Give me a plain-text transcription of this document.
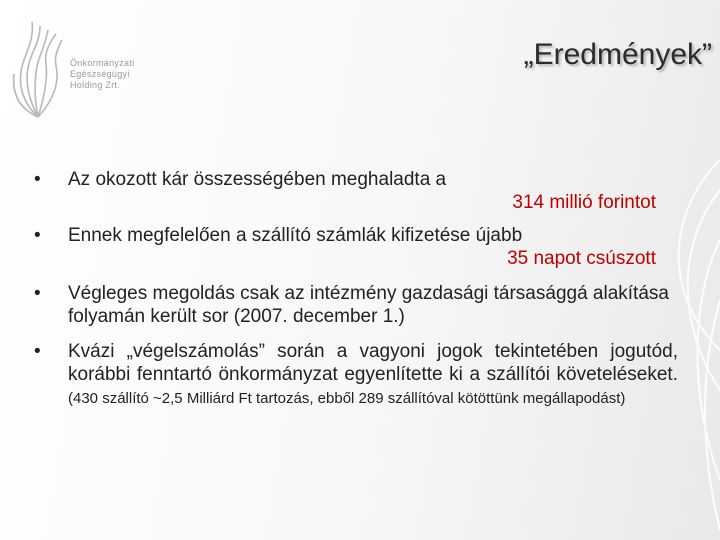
Önkormányzati
Egészségügyi
Holding Zrt.
„Eredmények”
• Az okozott kár összességében meghaladta a
314 millió forintot
• Ennek megfelelően a szállító számlák kifizetése újabb
35 napot csúszott
• Végleges megoldás csak az intézmény gazdasági társasággá alakítása folyamán került sor (2007. december 1.)
• Kvázi „végelszámolás” során a vagyoni jogok tekintetében jogutód, korábbi fenntartó önkormányzat egyenlítette ki a szállítói követeléseket. (430 szállító ~2,5 Milliárd Ft tartozás, ebből 289 szállítóval kötöttünk megállapodást)
